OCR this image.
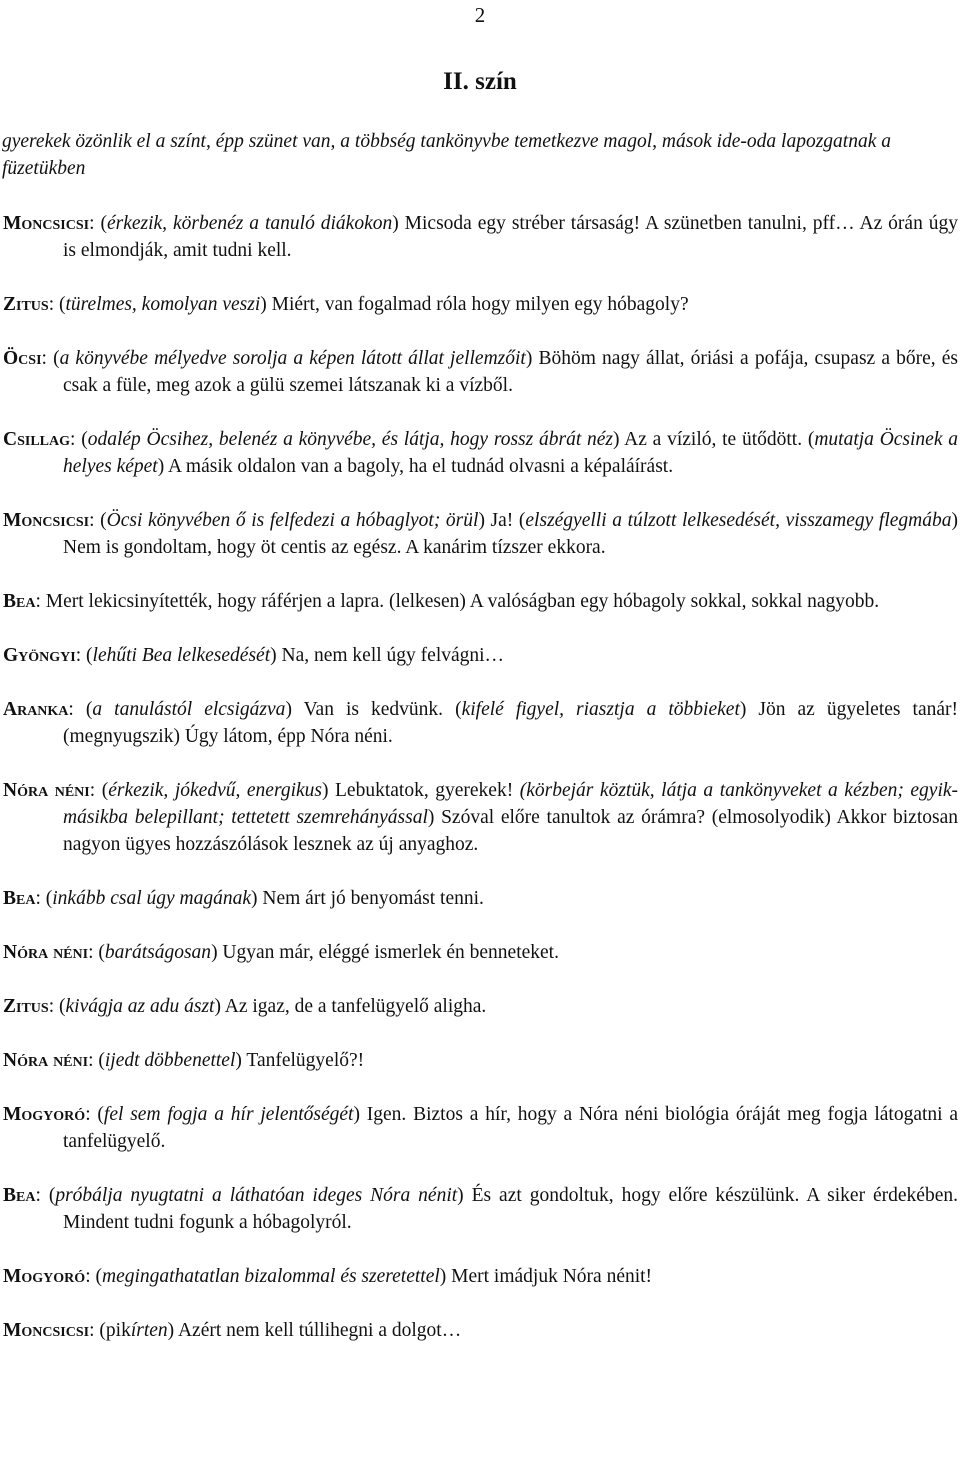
2
II. szín
gyerekek özönlik el a színt, épp szünet van, a többség tankönyvbe temetkezve magol, mások ide-oda lapozgatnak a füzetükben

Moncsicsi: (érkezik, körbenéz a tanuló diákokon) Micsoda egy stréber társaság! A szünetben tanulni, pff… Az órán úgy is elmondják, amit tudni kell.

Zitus: (türelmes, komolyan veszi) Miért, van fogalmad róla hogy milyen egy hóbagoly?

Öcsi: (a könyvébe mélyedve sorolja a képen látott állat jellemzőit) Böhöm nagy állat, óriási a pofája, csupasz a bőre, és csak a füle, meg azok a gülü szemei látszanak ki a vízből.

Csillag: (odalép Öcsihez, belenéz a könyvébe, és látja, hogy rossz ábrát néz) Az a víziló, te ütődött. (mutatja Öcsinek a helyes képet) A másik oldalon van a bagoly, ha el tudnád olvasni a képaláírást.

Moncsicsi: (Öcsi könyvében ő is felfedezi a hóbaglyot; örül) Ja! (elszégyelli a túlzott lelkesedését, visszamegy flegmába) Nem is gondoltam, hogy öt centis az egész. A kanárim tízszer ekkora.

Bea: Mert lekicsinyítették, hogy ráférjen a lapra. (lelkesen) A valóságban egy hóbagoly sokkal, sokkal nagyobb.

Gyöngyi: (lehűti Bea lelkesedését) Na, nem kell úgy felvágni…

Aranka: (a tanulástól elcsigázva) Van is kedvünk. (kifelé figyel, riasztja a többieket) Jön az ügyeletes tanár! (megnyugszik) Úgy látom, épp Nóra néni.

Nóra néni: (érkezik, jókedvű, energikus) Lebuktatok, gyerekek! (körbejár köztük, látja a tankönyveket a kézben; egyik-másikba belepillant; tettetett szemrehányással) Szóval előre tanultok az órámra? (elmosolyodik) Akkor biztosan nagyon ügyes hozzászólások lesznek az új anyaghoz.

Bea: (inkább csal úgy magának) Nem árt jó benyomást tenni.

Nóra néni: (barátságosan) Ugyan már, eléggé ismerlek én benneteket.

Zitus: (kivágja az adu ászt) Az igaz, de a tanfelügyelő aligha.

Nóra néni: (ijedt döbbenettel) Tanfelügyelő?!

Mogyoró: (fel sem fogja a hír jelentőségét) Igen. Biztos a hír, hogy a Nóra néni biológia óráját meg fogja látogatni a tanfelügyelő.

Bea: (próbálja nyugtatni a láthatóan ideges Nóra nénit) És azt gondoltuk, hogy előre készülünk. A siker érdekében. Mindent tudni fogunk a hóbagolyról.

Mogyoró: (megingathatatlan bizalommal és szeretettel) Mert imádjuk Nóra nénit!

Moncsicsi: (pikírten) Azért nem kell túllihegni a dolgot…
